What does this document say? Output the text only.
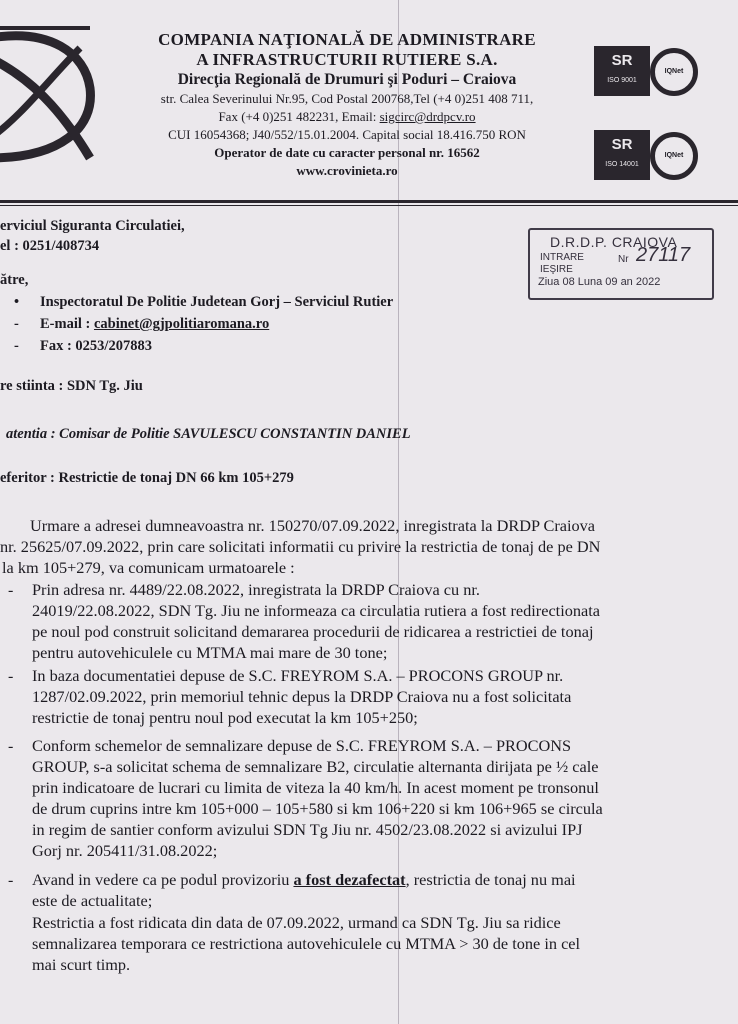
COMPANIA NAŢIONALĂ DE ADMINISTRARE
A INFRASTRUCTURII RUTIERE S.A.
Direcţia Regională de Drumuri şi Poduri – Craiova
str. Calea Severinului Nr.95, Cod Postal 200768,Tel (+4 0)251 408 711,
Fax (+4 0)251 482231, Email: sigcirc@drdpcv.ro
CUI 16054368; J40/552/15.01.2004. Capital social 18.416.750 RON
Operator de date cu caracter personal nr. 16562
www.crovinieta.ro
SR
ISO 9001
IQNet
SR
ISO 14001
IQNet
erviciul Siguranta Circulatiei,
el : 0251/408734	D.R.D.P. CRAIOVA
INTRARE
IEŞIRE
Nr 27117
Ziua 08 Luna 09 an 2022
ătre,
• Inspectoratul De Politie Judetean Gorj – Serviciul Rutier
- E-mail : cabinet@gjpolitiaromana.ro
- Fax : 0253/207883
re stiinta : SDN Tg. Jiu
atentia : Comisar de Politie SAVULESCU CONSTANTIN DANIEL
eferitor : Restrictie de tonaj DN 66 km 105+279
Urmare a adresei dumneavoastra nr. 150270/07.09.2022, inregistrata la DRDP Craiova
nr. 25625/07.09.2022, prin care solicitati informatii cu privire la restrictia de tonaj de pe DN
la km 105+279, va comunicam urmatoarele :
- Prin adresa nr. 4489/22.08.2022, inregistrata la DRDP Craiova cu nr.
24019/22.08.2022, SDN Tg. Jiu ne informeaza ca circulatia rutiera a fost redirectionata
pe noul pod construit solicitand demararea procedurii de ridicarea a restrictiei de tonaj
pentru autovehiculele cu MTMA mai mare de 30 tone;
- In baza documentatiei depuse de S.C. FREYROM S.A. – PROCONS GROUP nr.
1287/02.09.2022, prin memoriul tehnic depus la DRDP Craiova nu a fost solicitata
restrictie de tonaj pentru noul pod executat la km 105+250;
- Conform schemelor de semnalizare depuse de S.C. FREYROM S.A. – PROCONS
GROUP, s-a solicitat schema de semnalizare B2, circulatie alternanta dirijata pe ½ cale
prin indicatoare de lucrari cu limita de viteza la 40 km/h. In acest moment pe tronsonul
de drum cuprins intre km 105+000 – 105+580 si km 106+220 si km 106+965 se circula
in regim de santier conform avizului SDN Tg Jiu nr. 4502/23.08.2022 si avizului IPJ
Gorj nr. 205411/31.08.2022;
- Avand in vedere ca pe podul provizoriu a fost dezafectat, restrictia de tonaj nu mai
este de actualitate;
Restrictia a fost ridicata din data de 07.09.2022, urmand ca SDN Tg. Jiu sa ridice
semnalizarea temporara ce restrictiona autovehiculele cu MTMA > 30 de tone in cel
mai scurt timp.
